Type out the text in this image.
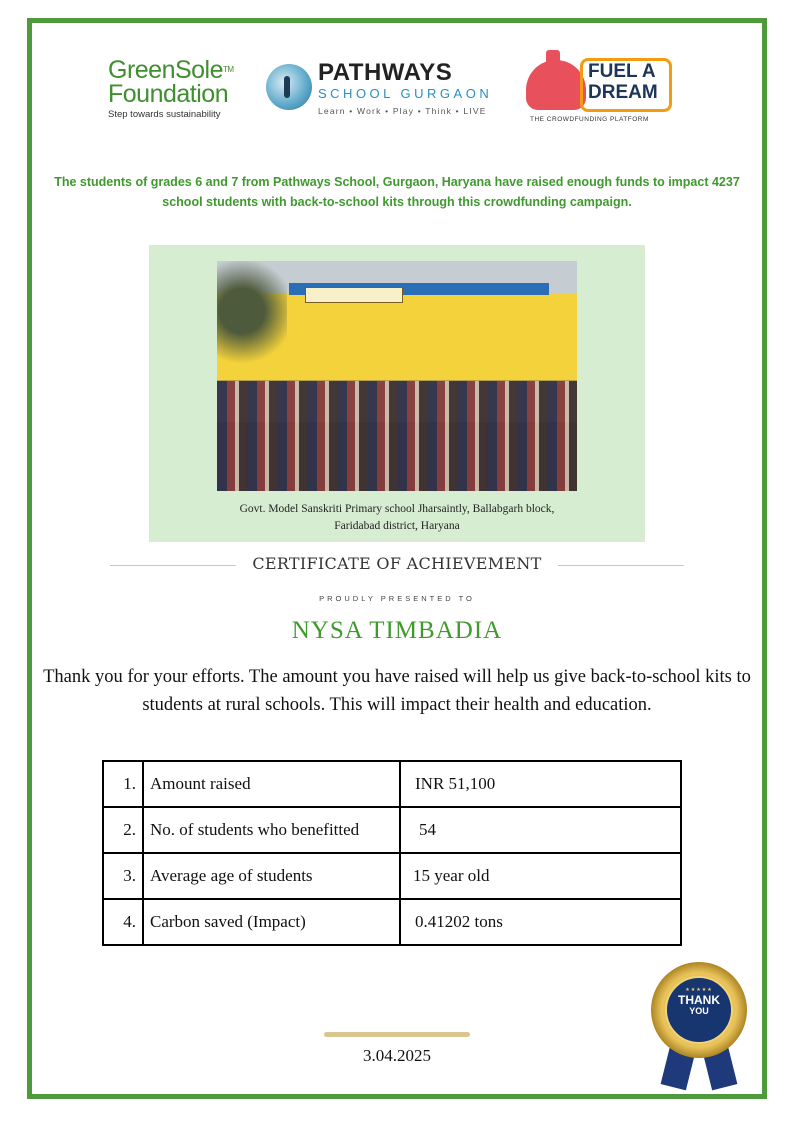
GreenSole™
Foundation
Step towards sustainability
PATHWAYS
SCHOOL GURGAON
Learn • Work • Play • Think • LIVE
FUEL A
DREAM
THE CROWDFUNDING PLATFORM
The students of grades 6 and 7 from Pathways School, Gurgaon, Haryana have raised enough funds to impact 4237 school students with back-to-school kits through this crowdfunding campaign.
Govt. Model Sanskriti Primary school Jharsaintly, Ballabgarh block,
Faridabad district, Haryana
CERTIFICATE OF ACHIEVEMENT
PROUDLY PRESENTED TO
NYSA TIMBADIA
Thank you for your efforts. The amount you have raised will help us give back-to-school kits to students at rural schools. This will impact their health and education.
1.	Amount raised	INR 51,100
2.	No. of students who benefitted	54
3.	Average age of students	15 year old
4.	Carbon saved (Impact)	0.41202 tons
3.04.2025
★★★★★
THANK
YOU
